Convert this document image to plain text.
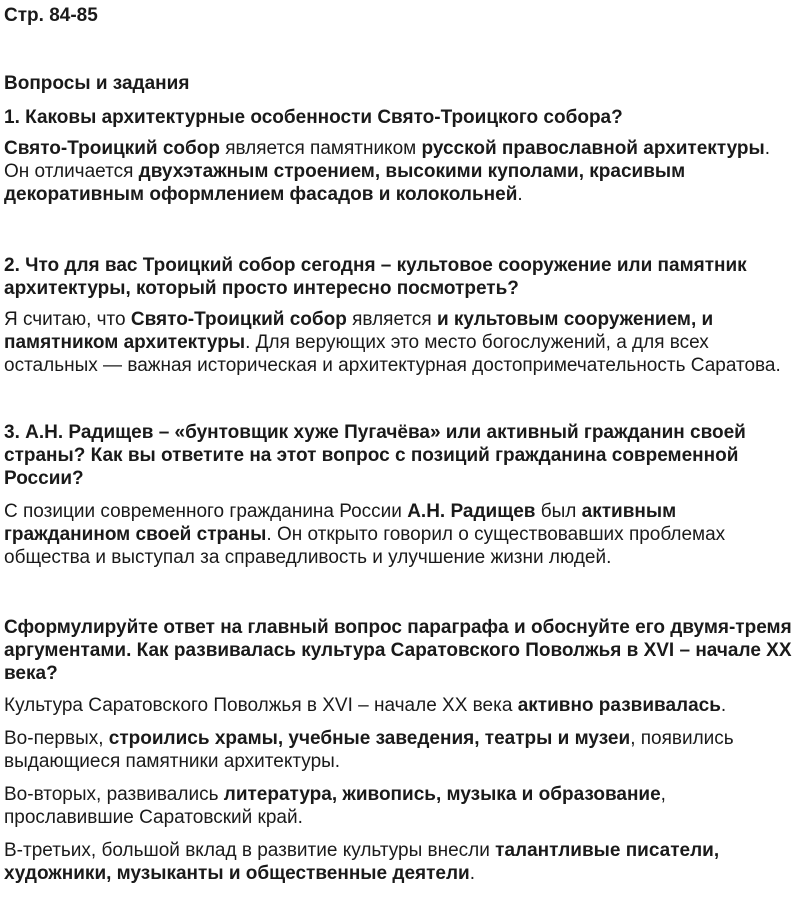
Стр. 84-85

Вопросы и задания

1. Каковы архитектурные особенности Свято-Троицкого собора?

Свято-Троицкий собор является памятником русской православной архитектуры. Он отличается двухэтажным строением, высокими куполами, красивым декоративным оформлением фасадов и колокольней.

2. Что для вас Троицкий собор сегодня – культовое сооружение или памятник архитектуры, который просто интересно посмотреть?

Я считаю, что Свято-Троицкий собор является и культовым сооружением, и памятником архитектуры. Для верующих это место богослужений, а для всех остальных — важная историческая и архитектурная достопримечательность Саратова.

3. А.Н. Радищев – «бунтовщик хуже Пугачёва» или активный гражданин своей страны? Как вы ответите на этот вопрос с позиций гражданина современной России?

С позиции современного гражданина России А.Н. Радищев был активным гражданином своей страны. Он открыто говорил о существовавших проблемах общества и выступал за справедливость и улучшение жизни людей.

Сформулируйте ответ на главный вопрос параграфа и обоснуйте его двумя-тремя аргументами. Как развивалась культура Саратовского Поволжья в XVI – начале XX века?

Культура Саратовского Поволжья в XVI – начале XX века активно развивалась.

Во-первых, строились храмы, учебные заведения, театры и музеи, появились выдающиеся памятники архитектуры.

Во-вторых, развивались литература, живопись, музыка и образование, прославившие Саратовский край.

В-третьих, большой вклад в развитие культуры внесли талантливые писатели, художники, музыканты и общественные деятели.
